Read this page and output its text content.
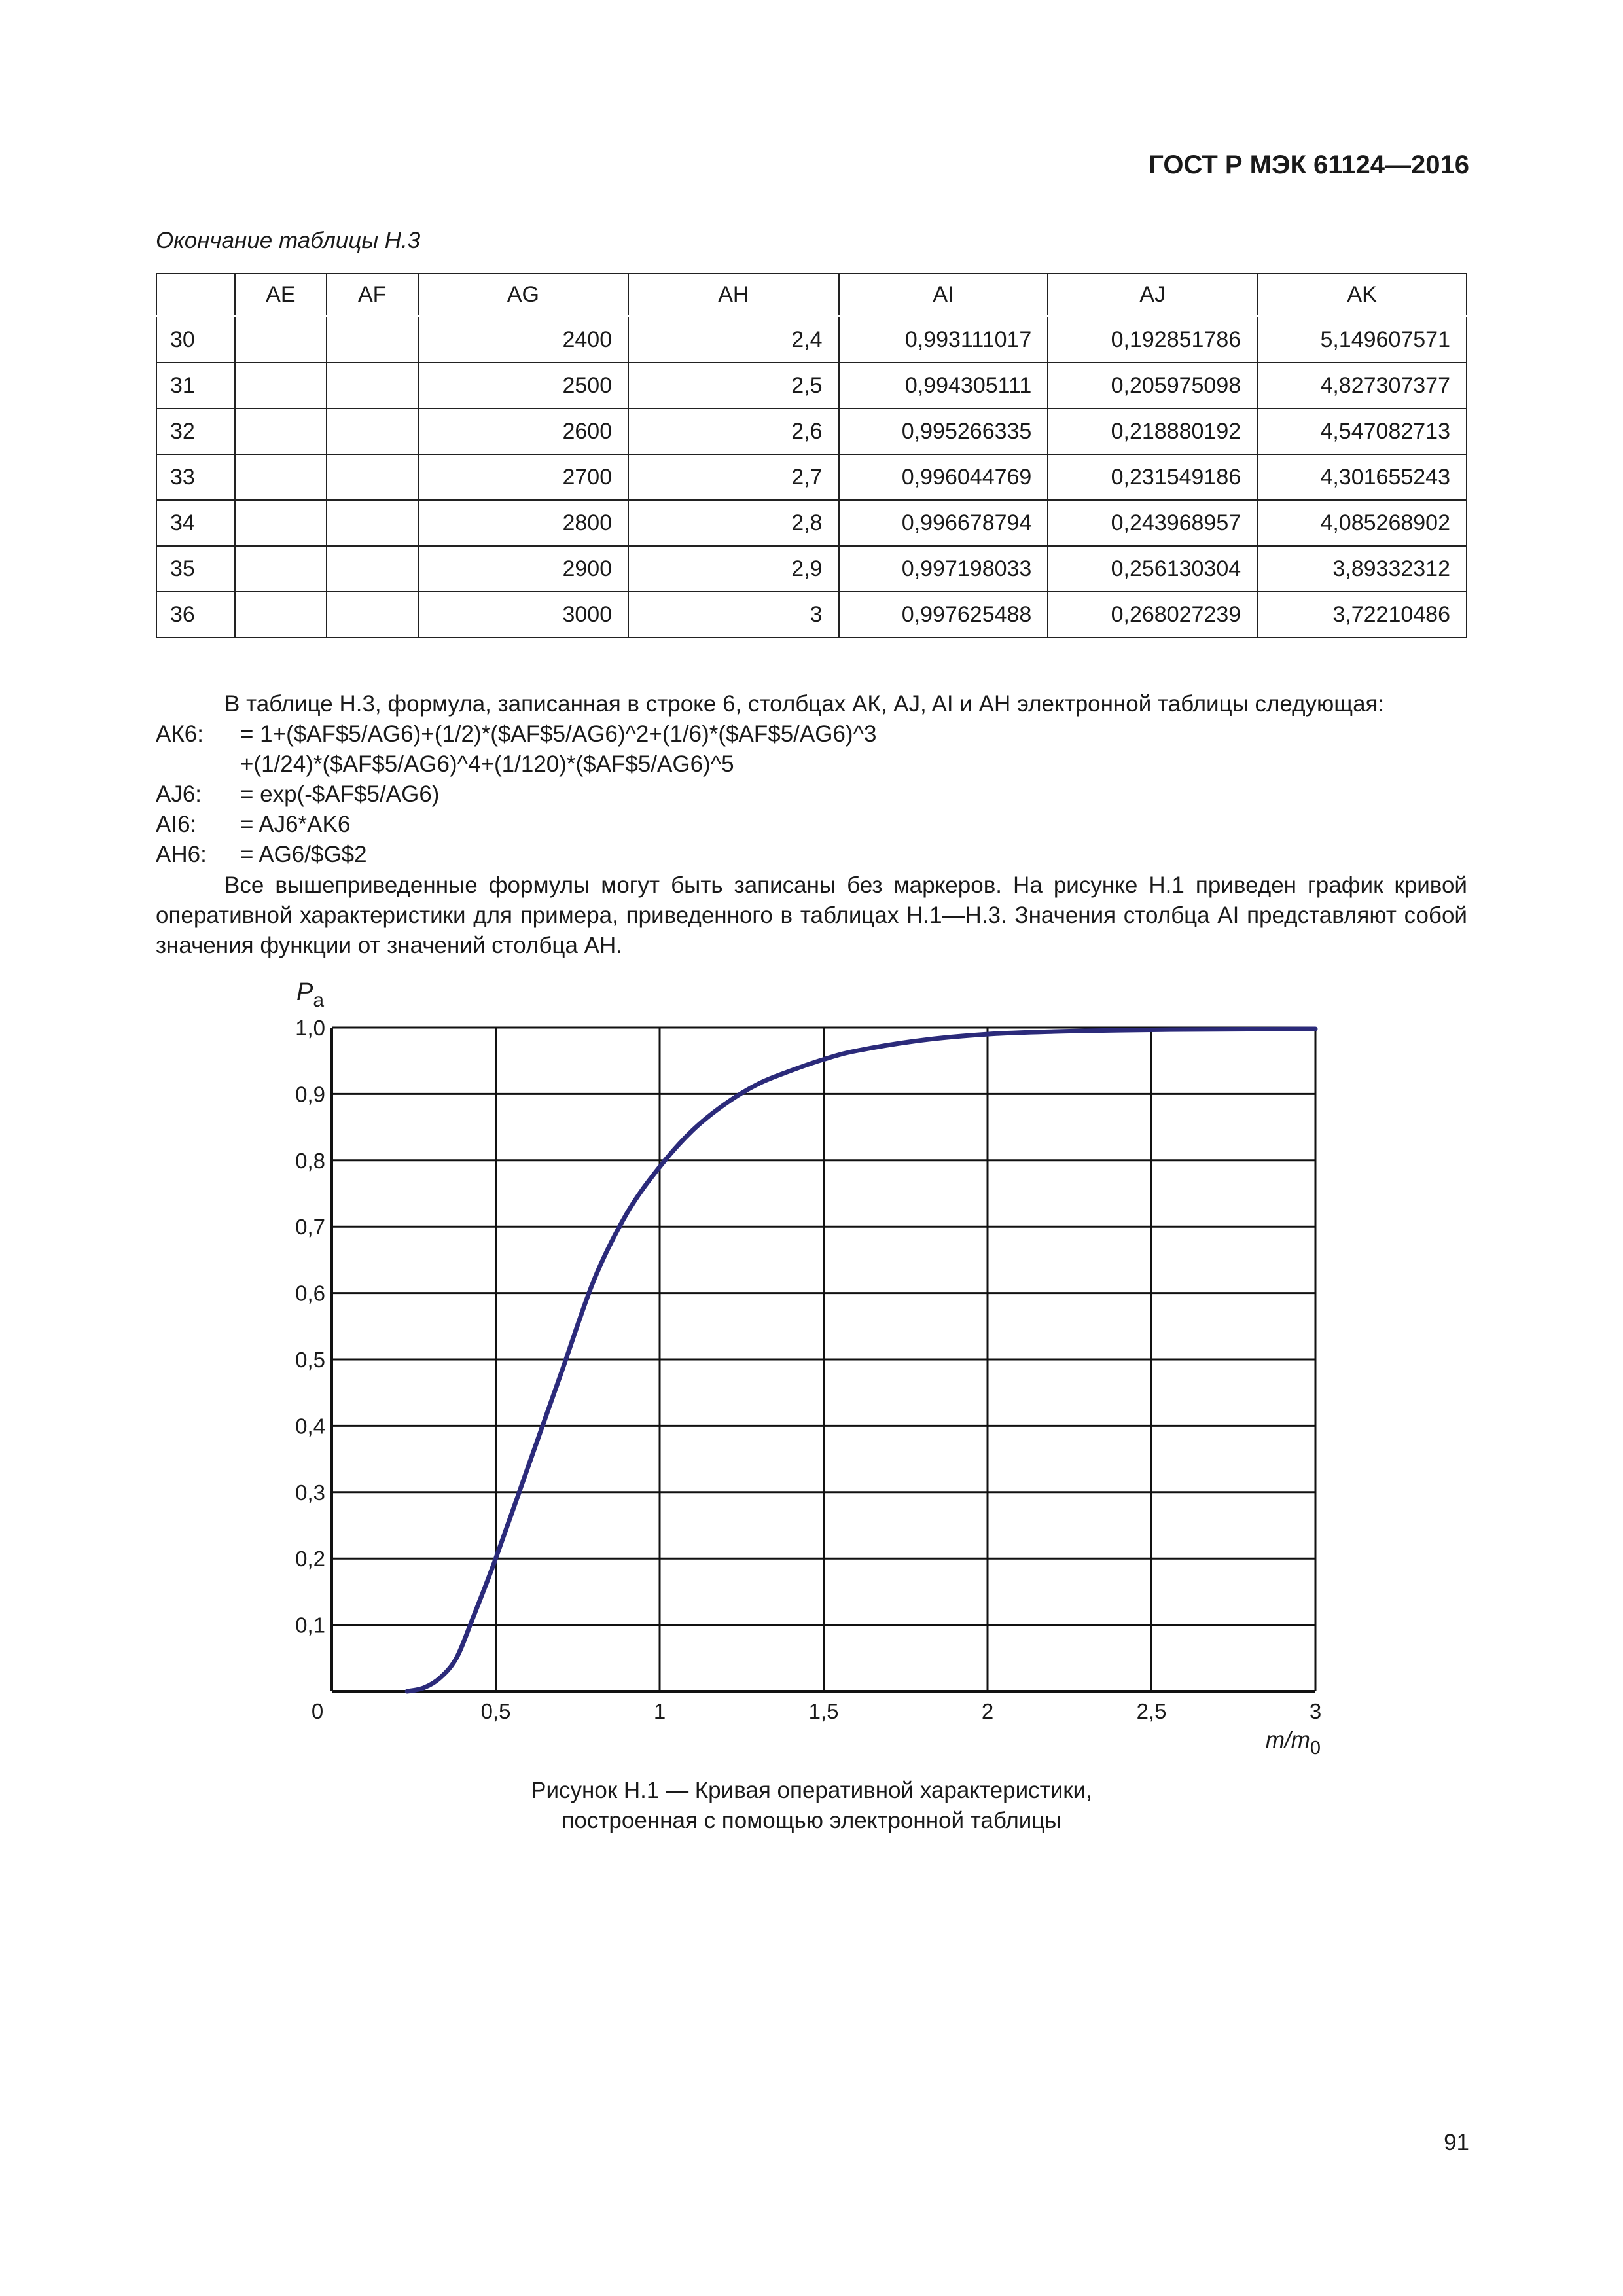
ГОСТ Р МЭК 61124—2016
Окончание таблицы Н.3
	AE	AF	AG	AH	AI	AJ	AK
30			2400	2,4	0,993111017	0,192851786	5,149607571
31			2500	2,5	0,994305111	0,205975098	4,827307377
32			2600	2,6	0,995266335	0,218880192	4,547082713
33			2700	2,7	0,996044769	0,231549186	4,301655243
34			2800	2,8	0,996678794	0,243968957	4,085268902
35			2900	2,9	0,997198033	0,256130304	3,89332312
36			3000	3	0,997625488	0,268027239	3,72210486
В таблице Н.3, формула, записанная в строке 6, столбцах АК, AJ, AI и АН электронной таблицы следующая:
АК6: = 1+($AF$5/AG6)+(1/2)*($AF$5/AG6)^2+(1/6)*($AF$5/AG6)^3
+(1/24)*($AF$5/AG6)^4+(1/120)*($AF$5/AG6)^5
AJ6: = exp(-$AF$5/AG6)
AI6: = AJ6*AK6
AH6: = AG6/$G$2
Все вышеприведенные формулы могут быть записаны без маркеров. На рисунке Н.1 приведен график кривой оперативной характеристики для примера, приведенного в таблицах Н.1—Н.3. Значения столбца AI представляют собой значения функции от значений столбца АН.
0,1
0,2
0,3
0,4
0,5
0,6
0,7
0,8
0,9
1,0
0,5	1	1,5	2	2,5	3
0
$P_a$
$m/m_0$
Рисунок Н.1 — Кривая оперативной характеристики,
построенная с помощью электронной таблицы
91
